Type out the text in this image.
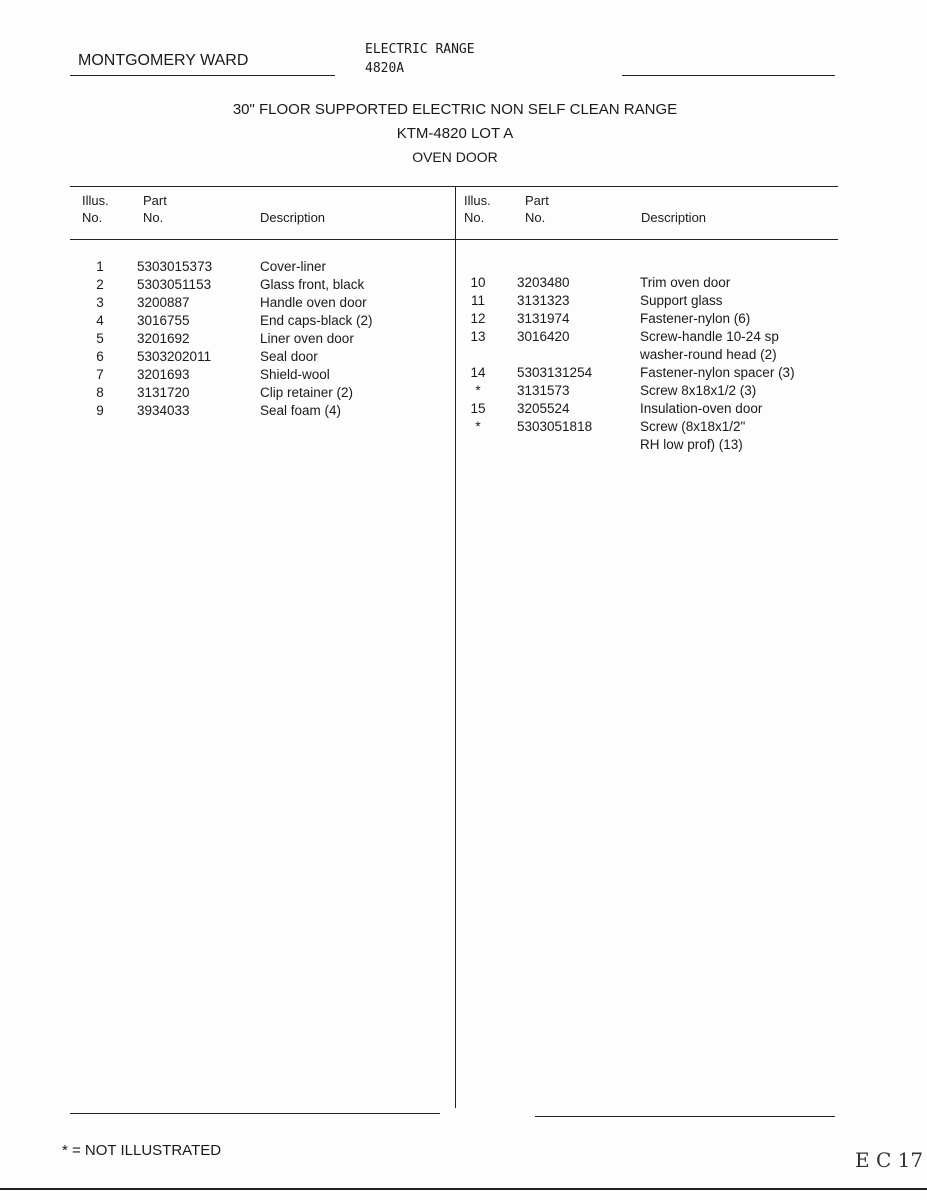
MONTGOMERY WARD
ELECTRIC RANGE
4820A
30" FLOOR SUPPORTED ELECTRIC NON SELF CLEAN RANGE
KTM-4820 LOT A
OVEN DOOR
Illus.
No.
Part
No.	Description
Illus.
No.
Part
No.	Description
1	5303015373	Cover-liner
2	5303051153	Glass front, black
3	3200887	Handle oven door
4	3016755	End caps-black (2)
5	3201692	Liner oven door
6	5303202011	Seal door
7	3201693	Shield-wool
8	3131720	Clip retainer (2)
9	3934033	Seal foam (4)
10	3203480	Trim oven door
11	3131323	Support glass
12	3131974	Fastener-nylon (6)
13	3016420	Screw-handle 10-24 sp
washer-round head (2)
14	5303131254	Fastener-nylon spacer (3)
*	3131573	Screw 8x18x1/2 (3)
15	3205524	Insulation-oven door
*	5303051818	Screw (8x18x1/2"
RH low prof) (13)
* = NOT ILLUSTRATED	E C 17
